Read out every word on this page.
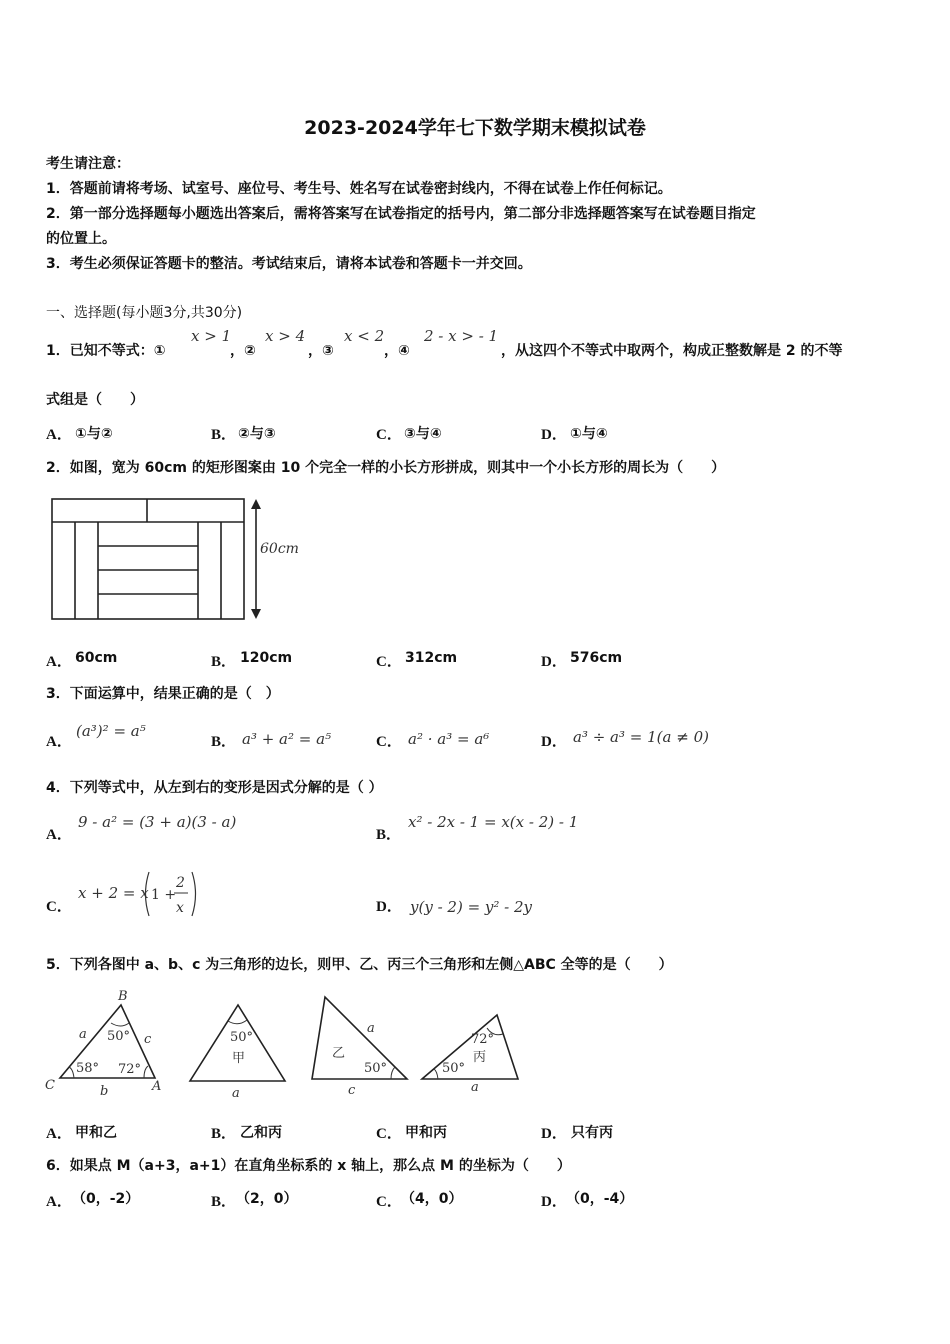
2023-2024学年七下数学期末模拟试卷
考生请注意：
1．答题前请将考场、试室号、座位号、考生号、姓名写在试卷密封线内，不得在试卷上作任何标记。
2．第一部分选择题每小题选出答案后，需将答案写在试卷指定的括号内，第二部分非选择题答案写在试卷题目指定
的位置上。
3．考生必须保证答题卡的整洁。考试结束后，请将本试卷和答题卡一并交回。
一、选择题(每小题3分,共30分)
1．已知不等式：①
x > 1
，②
x > 4
，③
x < 2
，④
2 - x > - 1
，从这四个不等式中取两个，构成正整数解是 2 的不等
式组是（　　）
A． ①与②	B． ②与③	C． ③与④	D． ①与④
2．如图，宽为 60cm 的矩形图案由 10 个完全一样的小长方形拼成，则其中一个小长方形的周长为（　　）
60cm
A． 60cm	B． 120cm	C． 312cm	D． 576cm
3．下面运算中，结果正确的是（　）
A．
(a³)² = a⁵
B． a³ + a² = a⁵	C． a² · a³ = a⁶	D． a³ ÷ a³ = 1(a ≠ 0)
4．下列等式中，从左到右的变形是因式分解的是（ ）
A．
9 - a² = (3 + a)(3 - a)
B．
x² - 2x - 1 = x(x - 2) - 1
C．
x + 2 = x 1 +
2
x	D． y(y - 2) = y² - 2y
5．下列各图中 a、b、c 为三角形的边长，则甲、乙、丙三个三角形和左侧△ABC 全等的是（　　）
B
C	A
a	c
b
50°
58° 72°
50°
甲
a
乙
a
50°
c
72°
丙
50°
a
A． 甲和乙	B． 乙和丙	C． 甲和丙	D． 只有丙
6．如果点 M（a+3，a+1）在直角坐标系的 x 轴上，那么点 M 的坐标为（　　）
A． （0，-2）	B． （2，0）	C． （4，0）	D． （0，-4）
